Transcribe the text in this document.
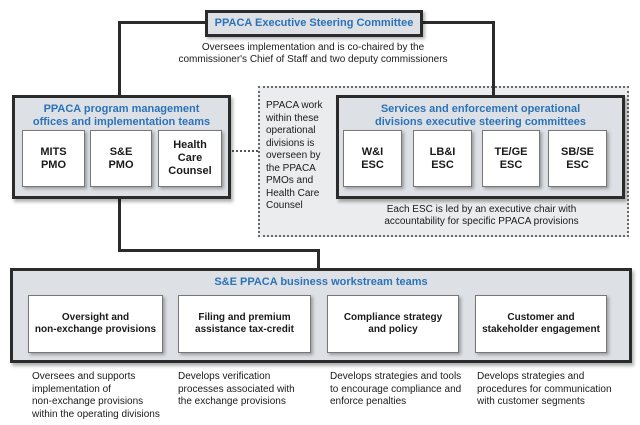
PPACA Executive Steering Committee
Oversees implementation and is co-chaired by the commissioner's Chief of Staff and two deputy commissioners
PPACA program management offices and implementation teams
MITS PMO
S&E PMO
Health Care Counsel
PPACA work within these operational divisions is overseen by the PPACA PMOs and Health Care Counsel
Services and enforcement operational divisions executive steering committees
W&I ESC
LB&I ESC
TE/GE ESC
SB/SE ESC
Each ESC is led by an executive chair with accountability for specific PPACA provisions
S&E PPACA business workstream teams
Oversight and non‑exchange provisions
Filing and premium assistance tax-credit
Compliance strategy and policy
Customer and stakeholder engagement
Oversees and supports implementation of non‑exchange provisions within the operating divisions
Develops verification processes associated with the exchange provisions
Develops strategies and tools to encourage compliance and enforce penalties
Develops strategies and procedures for communication with customer segments
